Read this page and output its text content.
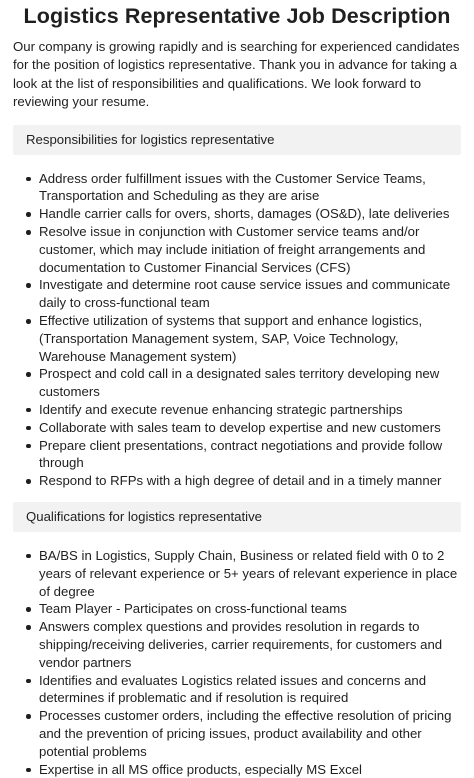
Logistics Representative Job Description

Our company is growing rapidly and is searching for experienced candidates for the position of logistics representative. Thank you in advance for taking a look at the list of responsibilities and qualifications. We look forward to reviewing your resume.

Responsibilities for logistics representative
Address order fulfillment issues with the Customer Service Teams, Transportation and Scheduling as they are arise
Handle carrier calls for overs, shorts, damages (OS&D), late deliveries
Resolve issue in conjunction with Customer service teams and/or customer, which may include initiation of freight arrangements and documentation to Customer Financial Services (CFS)
Investigate and determine root cause service issues and communicate daily to cross-functional team
Effective utilization of systems that support and enhance logistics, (Transportation Management system, SAP, Voice Technology, Warehouse Management system)
Prospect and cold call in a designated sales territory developing new customers
Identify and execute revenue enhancing strategic partnerships
Collaborate with sales team to develop expertise and new customers
Prepare client presentations, contract negotiations and provide follow through
Respond to RFPs with a high degree of detail and in a timely manner
Qualifications for logistics representative
BA/BS in Logistics, Supply Chain, Business or related field with 0 to 2 years of relevant experience or 5+ years of relevant experience in place of degree
Team Player - Participates on cross-functional teams
Answers complex questions and provides resolution in regards to shipping/receiving deliveries, carrier requirements, for customers and vendor partners
Identifies and evaluates Logistics related issues and concerns and determines if problematic and if resolution is required
Processes customer orders, including the effective resolution of pricing and the prevention of pricing issues, product availability and other potential problems
Expertise in all MS office products, especially MS Excel
